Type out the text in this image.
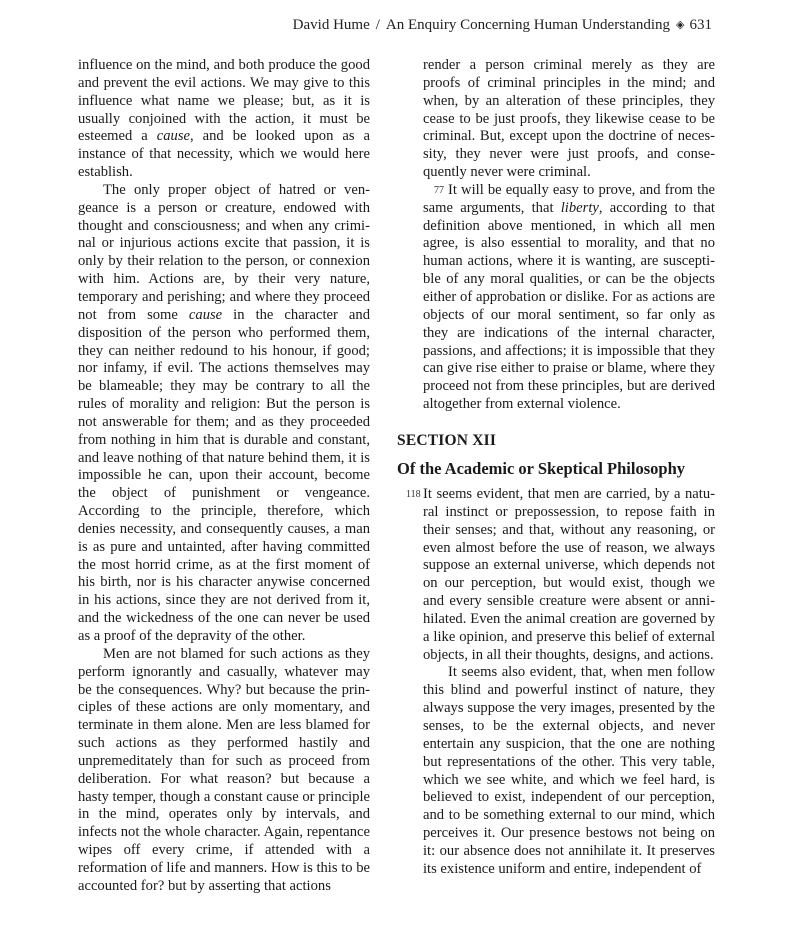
David Hume / An Enquiry Concerning Human Understanding ◈ 631

influence on the mind, and both produce the good and prevent the evil actions. We may give to this influence what name we please; but, as it is usually conjoined with the action, it must be esteemed a cause, and be looked upon as a instance of that necessity, which we would here establish.

The only proper object of hatred or vengeance is a person or creature, endowed with thought and consciousness; and when any criminal or injurious actions excite that passion, it is only by their relation to the person, or connexion with him. Actions are, by their very nature, temporary and perishing; and where they proceed not from some cause in the character and disposition of the person who performed them, they can neither redound to his honour, if good; nor infamy, if evil. The actions themselves may be blameable; they may be contrary to all the rules of morality and religion: But the person is not answerable for them; and as they proceeded from nothing in him that is durable and constant, and leave nothing of that nature behind them, it is impossible he can, upon their account, become the object of punishment or vengeance. According to the principle, therefore, which denies necessity, and consequently causes, a man is as pure and untainted, after having committed the most horrid crime, as at the first moment of his birth, nor is his character anywise concerned in his actions, since they are not derived from it, and the wickedness of the one can never be used as a proof of the depravity of the other.

Men are not blamed for such actions as they perform ignorantly and casually, whatever may be the consequences. Why? but because the principles of these actions are only momentary, and terminate in them alone. Men are less blamed for such actions as they performed hastily and unpremeditately than for such as proceed from deliberation. For what reason? but because a hasty temper, though a constant cause or principle in the mind, operates only by intervals, and infects not the whole character. Again, repentance wipes off every crime, if attended with a reformation of life and manners. How is this to be accounted for? but by asserting that actions

render a person criminal merely as they are proofs of criminal principles in the mind; and when, by an alteration of these principles, they cease to be just proofs, they likewise cease to be criminal. But, except upon the doctrine of necessity, they never were just proofs, and consequently never were criminal.

77 It will be equally easy to prove, and from the same arguments, that liberty, according to that definition above mentioned, in which all men agree, is also essential to morality, and that no human actions, where it is wanting, are susceptible of any moral qualities, or can be the objects either of approbation or dislike. For as actions are objects of our moral sentiment, so far only as they are indications of the internal character, passions, and affections; it is impossible that they can give rise either to praise or blame, where they proceed not from these principles, but are derived altogether from external violence.

SECTION XII

Of the Academic or Skeptical Philosophy

118 It seems evident, that men are carried, by a natural instinct or prepossession, to repose faith in their senses; and that, without any reasoning, or even almost before the use of reason, we always suppose an external universe, which depends not on our perception, but would exist, though we and every sensible creature were absent or annihilated. Even the animal creation are governed by a like opinion, and preserve this belief of external objects, in all their thoughts, designs, and actions.

It seems also evident, that, when men follow this blind and powerful instinct of nature, they always suppose the very images, presented by the senses, to be the external objects, and never entertain any suspicion, that the one are nothing but representations of the other. This very table, which we see white, and which we feel hard, is believed to exist, independent of our perception, and to be something external to our mind, which perceives it. Our presence bestows not being on it: our absence does not annihilate it. It preserves its existence uniform and entire, independent of
